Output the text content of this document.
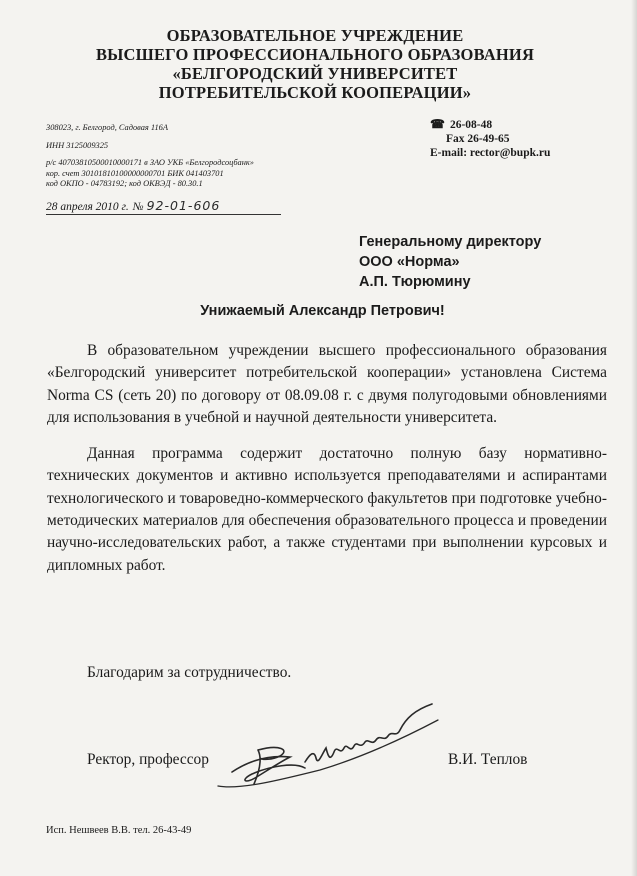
ОБРАЗОВАТЕЛЬНОЕ УЧРЕЖДЕНИЕ
ВЫСШЕГО ПРОФЕССИОНАЛЬНОГО ОБРАЗОВАНИЯ
«БЕЛГОРОДСКИЙ УНИВЕРСИТЕТ
ПОТРЕБИТЕЛЬСКОЙ КООПЕРАЦИИ»
308023, г. Белгород, Садовая 116А
ИНН 3125009325
р/с 40703810500010000171 в ЗАО УКБ «Белгородсоцбанк»
кор. счет 30101810100000000701 БИК 041403701
код ОКПО - 04783192; код ОКВЭД - 80.30.1
☎ 26-08-48
Fax 26-49-65
E-mail: rector@bupk.ru
28 апреля 2010 г. № 92-01-606
Генеральному директору
ООО «Норма»
А.П. Тюрюмину
Унижаемый Александр Петрович!

В образовательном учреждении высшего профессионального образования «Белгородский университет потребительской кооперации» установлена Система Norma CS (сеть 20) по договору от 08.09.08 г. с двумя полугодовыми обновлениями для использования в учебной и научной деятельности университета.

Данная программа содержит достаточно полную базу нормативно-технических документов и активно используется преподавателями и аспирантами технологического и товароведно-коммерческого факультетов при подготовке учебно-методических материалов для обеспечения образовательного процесса и проведении научно-исследовательских работ, а также студентами при выполнении курсовых и дипломных работ.

Благодарим за сотрудничество.
Ректор, профессор	В.И. Теплов
Исп. Нешвеев В.В. тел. 26-43-49
